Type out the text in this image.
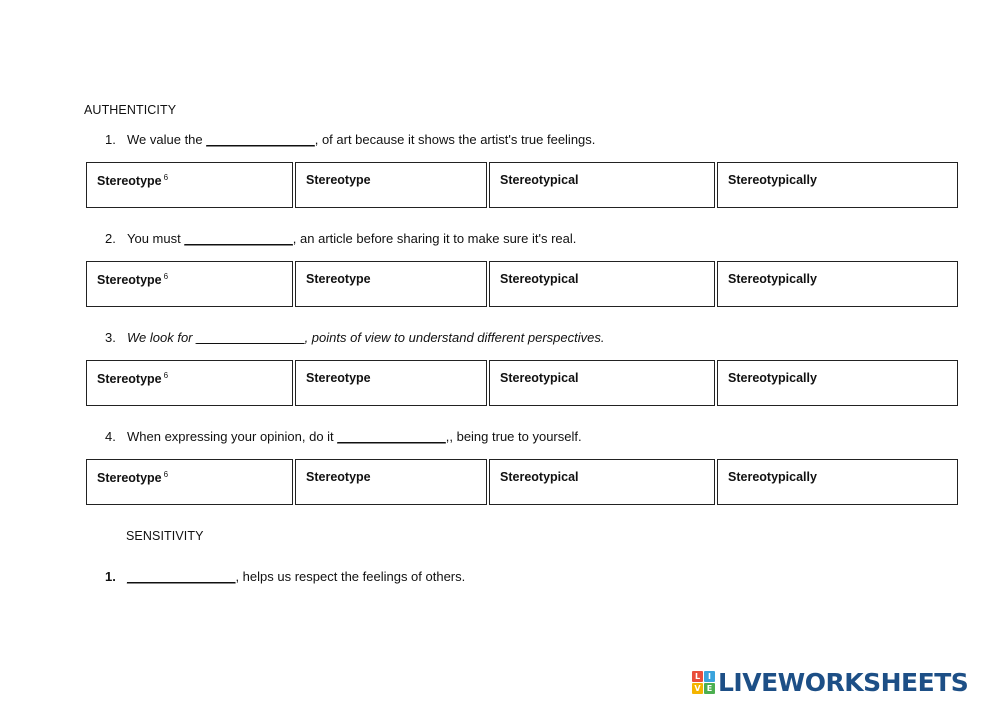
AUTHENTICITY
1. We value the _______________, of art because it shows the artist's true feelings.
Stereotype $^6$	Stereotype	Stereotypical	Stereotypically
2. You must _______________, an article before sharing it to make sure it's real.
Stereotype $^6$	Stereotype	Stereotypical	Stereotypically
3. We look for _______________, points of view to understand different perspectives.
Stereotype $^6$	Stereotype	Stereotypical	Stereotypically
4. When expressing your opinion, do it _______________,, being true to yourself.
Stereotype $^6$	Stereotype	Stereotypical	Stereotypically
SENSITIVITY
1. _______________, helps us respect the feelings of others.
L I
V E LIVEWORKSHEETS
